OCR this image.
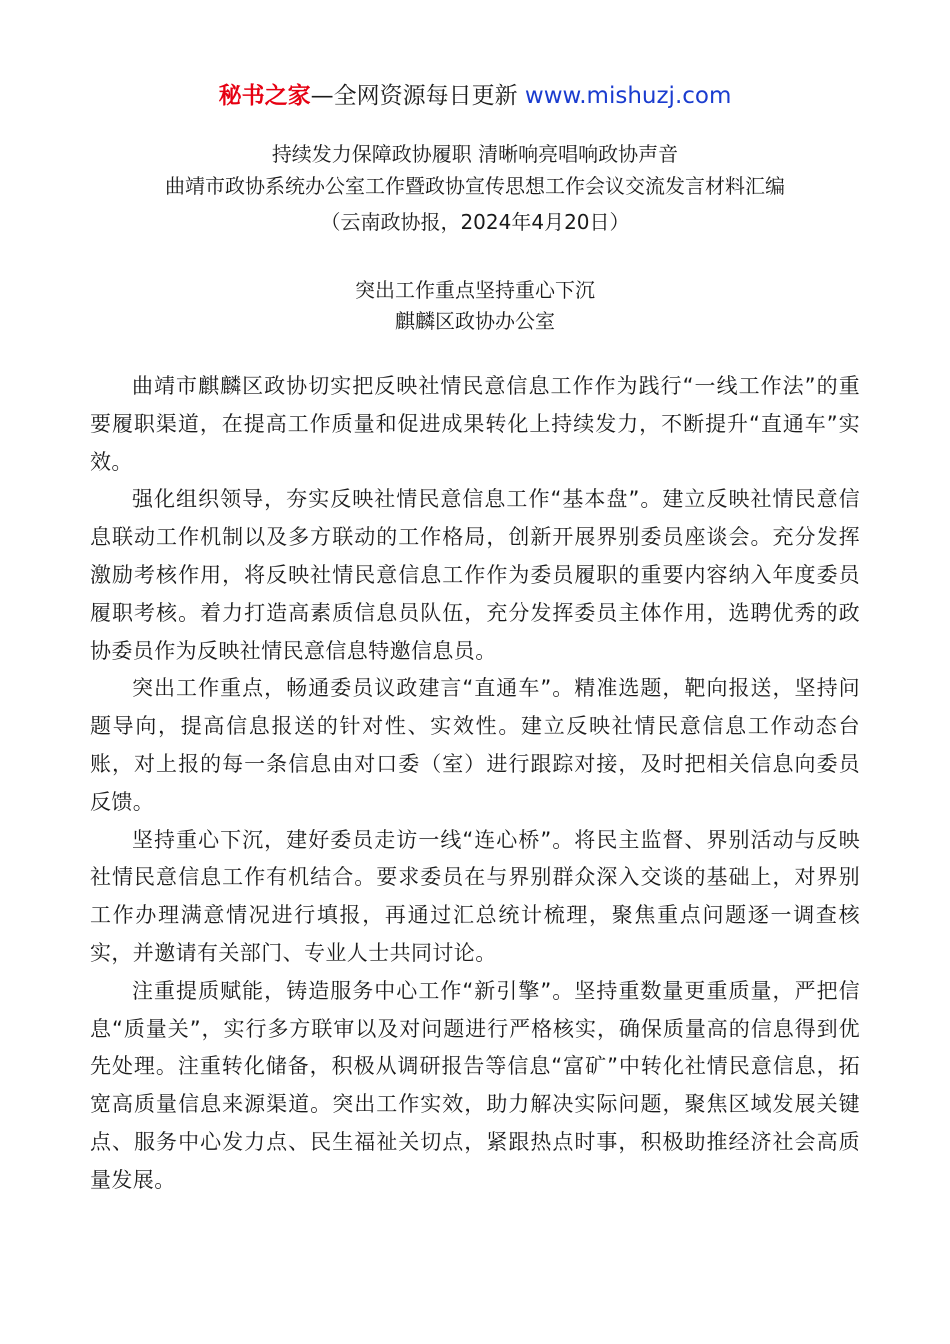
秘书之家—全网资源每日更新 www.mishuzj.com
持续发力保障政协履职 清晰响亮唱响政协声音
曲靖市政协系统办公室工作暨政协宣传思想工作会议交流发言材料汇编
（云南政协报，2024年4月20日）
突出工作重点坚持重心下沉
麒麟区政协办公室

曲靖市麒麟区政协切实把反映社情民意信息工作作为践行“一线工作法”的重要履职渠道，在提高工作质量和促进成果转化上持续发力，不断提升“直通车”实效。

强化组织领导，夯实反映社情民意信息工作“基本盘”。建立反映社情民意信息联动工作机制以及多方联动的工作格局，创新开展界别委员座谈会。充分发挥激励考核作用，将反映社情民意信息工作作为委员履职的重要内容纳入年度委员履职考核。着力打造高素质信息员队伍，充分发挥委员主体作用，选聘优秀的政协委员作为反映社情民意信息特邀信息员。

突出工作重点，畅通委员议政建言“直通车”。精准选题，靶向报送，坚持问题导向，提高信息报送的针对性、实效性。建立反映社情民意信息工作动态台账，对上报的每一条信息由对口委（室）进行跟踪对接，及时把相关信息向委员反馈。

坚持重心下沉，建好委员走访一线“连心桥”。将民主监督、界别活动与反映社情民意信息工作有机结合。要求委员在与界别群众深入交谈的基础上，对界别工作办理满意情况进行填报，再通过汇总统计梳理，聚焦重点问题逐一调查核实，并邀请有关部门、专业人士共同讨论。

注重提质赋能，铸造服务中心工作“新引擎”。坚持重数量更重质量，严把信息“质量关”，实行多方联审以及对问题进行严格核实，确保质量高的信息得到优先处理。注重转化储备，积极从调研报告等信息“富矿”中转化社情民意信息，拓宽高质量信息来源渠道。突出工作实效，助力解决实际问题，聚焦区域发展关键点、服务中心发力点、民生福祉关切点，紧跟热点时事，积极助推经济社会高质量发展。
